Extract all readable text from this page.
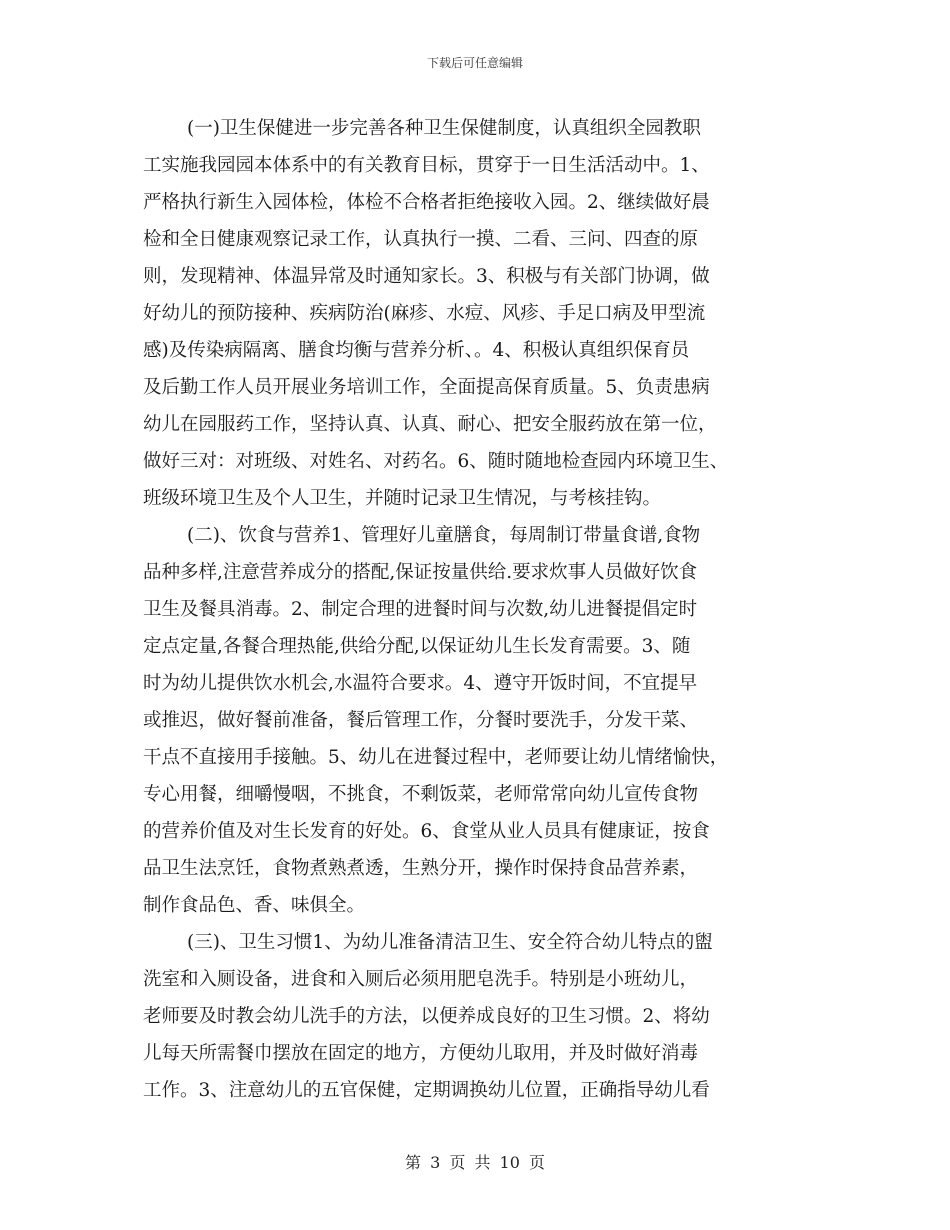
下载后可任意编辑
(一)卫生保健进一步完善各种卫生保健制度，认真组织全园教职
工实施我园园本体系中的有关教育目标，贯穿于一日生活活动中。1、
严格执行新生入园体检，体检不合格者拒绝接收入园。2、继续做好晨
检和全日健康观察记录工作，认真执行一摸、二看、三问、四查的原
则，发现精神、体温异常及时通知家长。3、积极与有关部门协调，做
好幼儿的预防接种、疾病防治(麻疹、水痘、风疹、手足口病及甲型流
感)及传染病隔离、膳食均衡与营养分析、。4、积极认真组织保育员
及后勤工作人员开展业务培训工作，全面提高保育质量。5、负责患病
幼儿在园服药工作，坚持认真、认真、耐心、把安全服药放在第一位，
做好三对：对班级、对姓名、对药名。6、随时随地检查园内环境卫生、
班级环境卫生及个人卫生，并随时记录卫生情况，与考核挂钩。
(二)、饮食与营养1、管理好儿童膳食，每周制订带量食谱,食物
品种多样,注意营养成分的搭配,保证按量供给.要求炊事人员做好饮食
卫生及餐具消毒。2、制定合理的进餐时间与次数,幼儿进餐提倡定时
定点定量,各餐合理热能,供给分配,以保证幼儿生长发育需要。3、随
时为幼儿提供饮水机会,水温符合要求。4、遵守开饭时间，不宜提早
或推迟，做好餐前准备，餐后管理工作，分餐时要洗手，分发干菜、
干点不直接用手接触。5、幼儿在进餐过程中，老师要让幼儿情绪愉快，
专心用餐，细嚼慢咽，不挑食，不剩饭菜，老师常常向幼儿宣传食物
的营养价值及对生长发育的好处。6、食堂从业人员具有健康证，按食
品卫生法烹饪，食物煮熟煮透，生熟分开，操作时保持食品营养素，
制作食品色、香、味俱全。
(三)、卫生习惯1、为幼儿准备清洁卫生、安全符合幼儿特点的盥
洗室和入厕设备，进食和入厕后必须用肥皂洗手。特别是小班幼儿，
老师要及时教会幼儿洗手的方法，以便养成良好的卫生习惯。2、将幼
儿每天所需餐巾摆放在固定的地方，方便幼儿取用，并及时做好消毒
工作。3、注意幼儿的五官保健，定期调换幼儿位置，正确指导幼儿看
第 3 页 共 10 页
